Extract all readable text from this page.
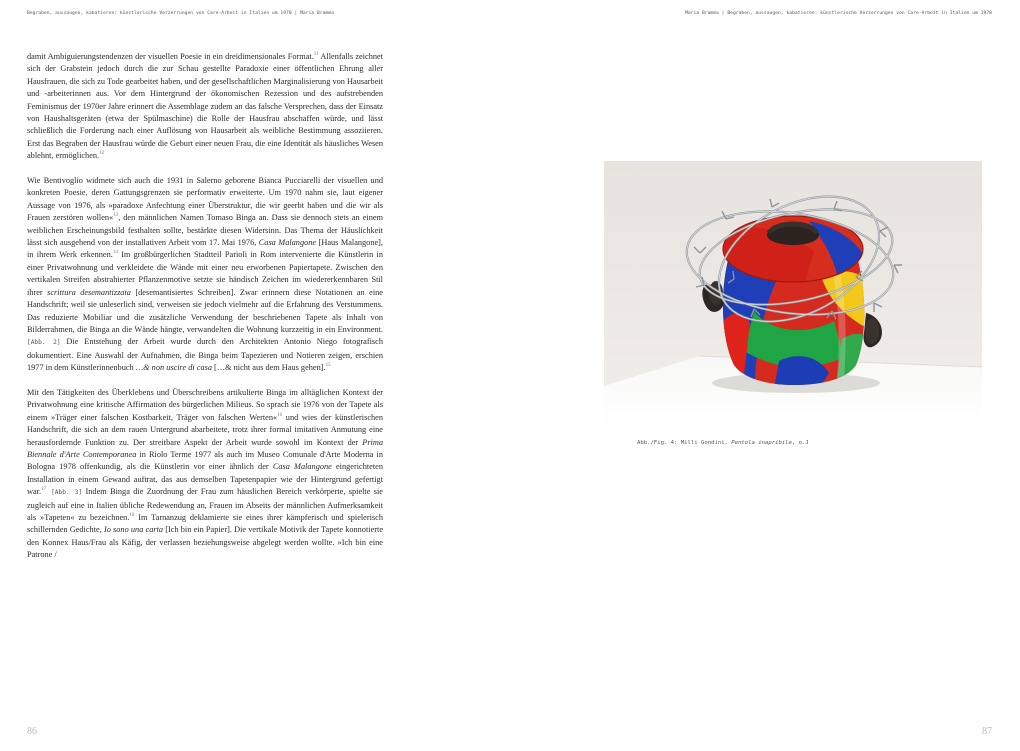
Begraben, aussaugen, kabatieren: künstlerische Verzerrungen von Care-Arbeit in Italien um 1970 | Maria Bramma	Maria Bramma | Begraben, aussaugen, kabatieren: künstlerische Verzerrungen von Care-Arbeit in Italien um 1978

damit Ambiguierungstendenzen der visuellen Poesie in ein dreidimensionales Format.$^{11}$ Allenfalls zeichnet sich der Grabstein jedoch durch die zur Schau gestellte Paradoxie einer öffentlichen Ehrung aller Hausfrauen, die sich zu Tode gearbeitet haben, und der gesellschaftlichen Marginalisierung von Hausarbeit und -arbeiterinnen aus. Vor dem Hintergrund der ökonomischen Rezession und des aufstrebenden Feminismus der 1970er Jahre erinnert die Assemblage zudem an das falsche Versprechen, dass der Einsatz von Haushaltsgeräten (etwa der Spülmaschine) die Rolle der Hausfrau abschaffen würde, und lässt schließlich die Forderung nach einer Auflösung von Hausarbeit als weibliche Bestimmung assoziieren. Erst das Begraben der Hausfrau würde die Geburt einer neuen Frau, die eine Identität als häusliches Wesen ablehnt, ermöglichen.$^{12}$

Wie Bentivoglio widmete sich auch die 1931 in Salerno geborene Bianca Pucciarelli der visuellen und konkreten Poesie, deren Gattungsgrenzen sie performativ erweiterte. Um 1970 nahm sie, laut eigener Aussage von 1976, als »paradoxe Anfechtung einer Überstruktur, die wir geerbt haben und die wir als Frauen zerstören wollen«$^{13}$, den männlichen Namen Tomaso Binga an. Dass sie dennoch stets an einem weiblichen Erscheinungsbild festhalten sollte, bestärkte diesen Widersinn. Das Thema der Häuslichkeit lässt sich ausgehend von der installativen Arbeit vom 17. Mai 1976, Casa Malangone [Haus Malangone], in ihrem Werk erkennen.$^{14}$ Im großbürgerlichen Stadtteil Parioli in Rom intervenierte die Künstlerin in einer Privatwohnung und verkleidete die Wände mit einer neu erworbenen Papiertapete. Zwischen den vertikalen Streifen abstrahierter Pflanzenmotive setzte sie händisch Zeichen im wiedererkennbaren Stil ihrer scrittura desemantizzata [desemantisiertes Schreiben]. Zwar erinnern diese Notationen an eine Handschrift; weil sie unleserlich sind, verweisen sie jedoch vielmehr auf die Erfahrung des Verstummens. Das reduzierte Mobiliar und die zusätzliche Verwendung der beschriebenen Tapete als Inhalt von Bilderrahmen, die Binga an die Wände hängte, verwandelten die Wohnung kurzzeitig in ein Environment. [Abb. 2] Die Entstehung der Arbeit wurde durch den Architekten Antonio Niego fotografisch dokumentiert. Eine Auswahl der Aufnahmen, die Binga beim Tapezieren und Notieren zeigen, erschien 1977 in dem Künstlerinnenbuch …& non uscire di casa […& nicht aus dem Haus gehen].$^{15}$

Mit den Tätigkeiten des Überklebens und Überschreibens artikulierte Binga im alltäglichen Kontext der Privatwohnung eine kritische Affirmation des bürgerlichen Milieus. So sprach sie 1976 von der Tapete als einem »Träger einer falschen Kostbarkeit, Träger von falschen Werten«$^{16}$ und wies der künstlerischen Handschrift, die sich an dem rauen Untergrund abarbeitete, trotz ihrer formal imitativen Anmutung eine herausfordernde Funktion zu. Der streitbare Aspekt der Arbeit wurde sowohl im Kontext der Prima Biennale d'Arte Contemporanea in Riolo Terme 1977 als auch im Museo Comunale d'Arte Moderna in Bologna 1978 offenkundig, als die Künstlerin vor einer ähnlich der Casa Malangone eingerichteten Installation in einem Gewand auftrat, das aus demselben Tapetenpapier wie der Hintergrund gefertigt war.$^{17}$ [Abb. 3] Indem Binga die Zuordnung der Frau zum häuslichen Bereich verkörperte, spielte sie zugleich auf eine in Italien übliche Redewendung an, Frauen im Abseits der männlichen Aufmerksamkeit als »Tapeten« zu bezeichnen.$^{18}$ Im Tarnanzug deklamierte sie eines ihrer kämpferisch und spielerisch schillernden Gedichte, Io sono una carta [Ich bin ein Papier]. Die vertikale Motivik der Tapete konnotierte den Konnex Haus/Frau als Käfig, der verlassen beziehungsweise abgelegt werden wollte. »Ich bin eine Patrone /

Abb./Fig. 4: Milli Gondini, Pentola inapribile, o.J
86	87
